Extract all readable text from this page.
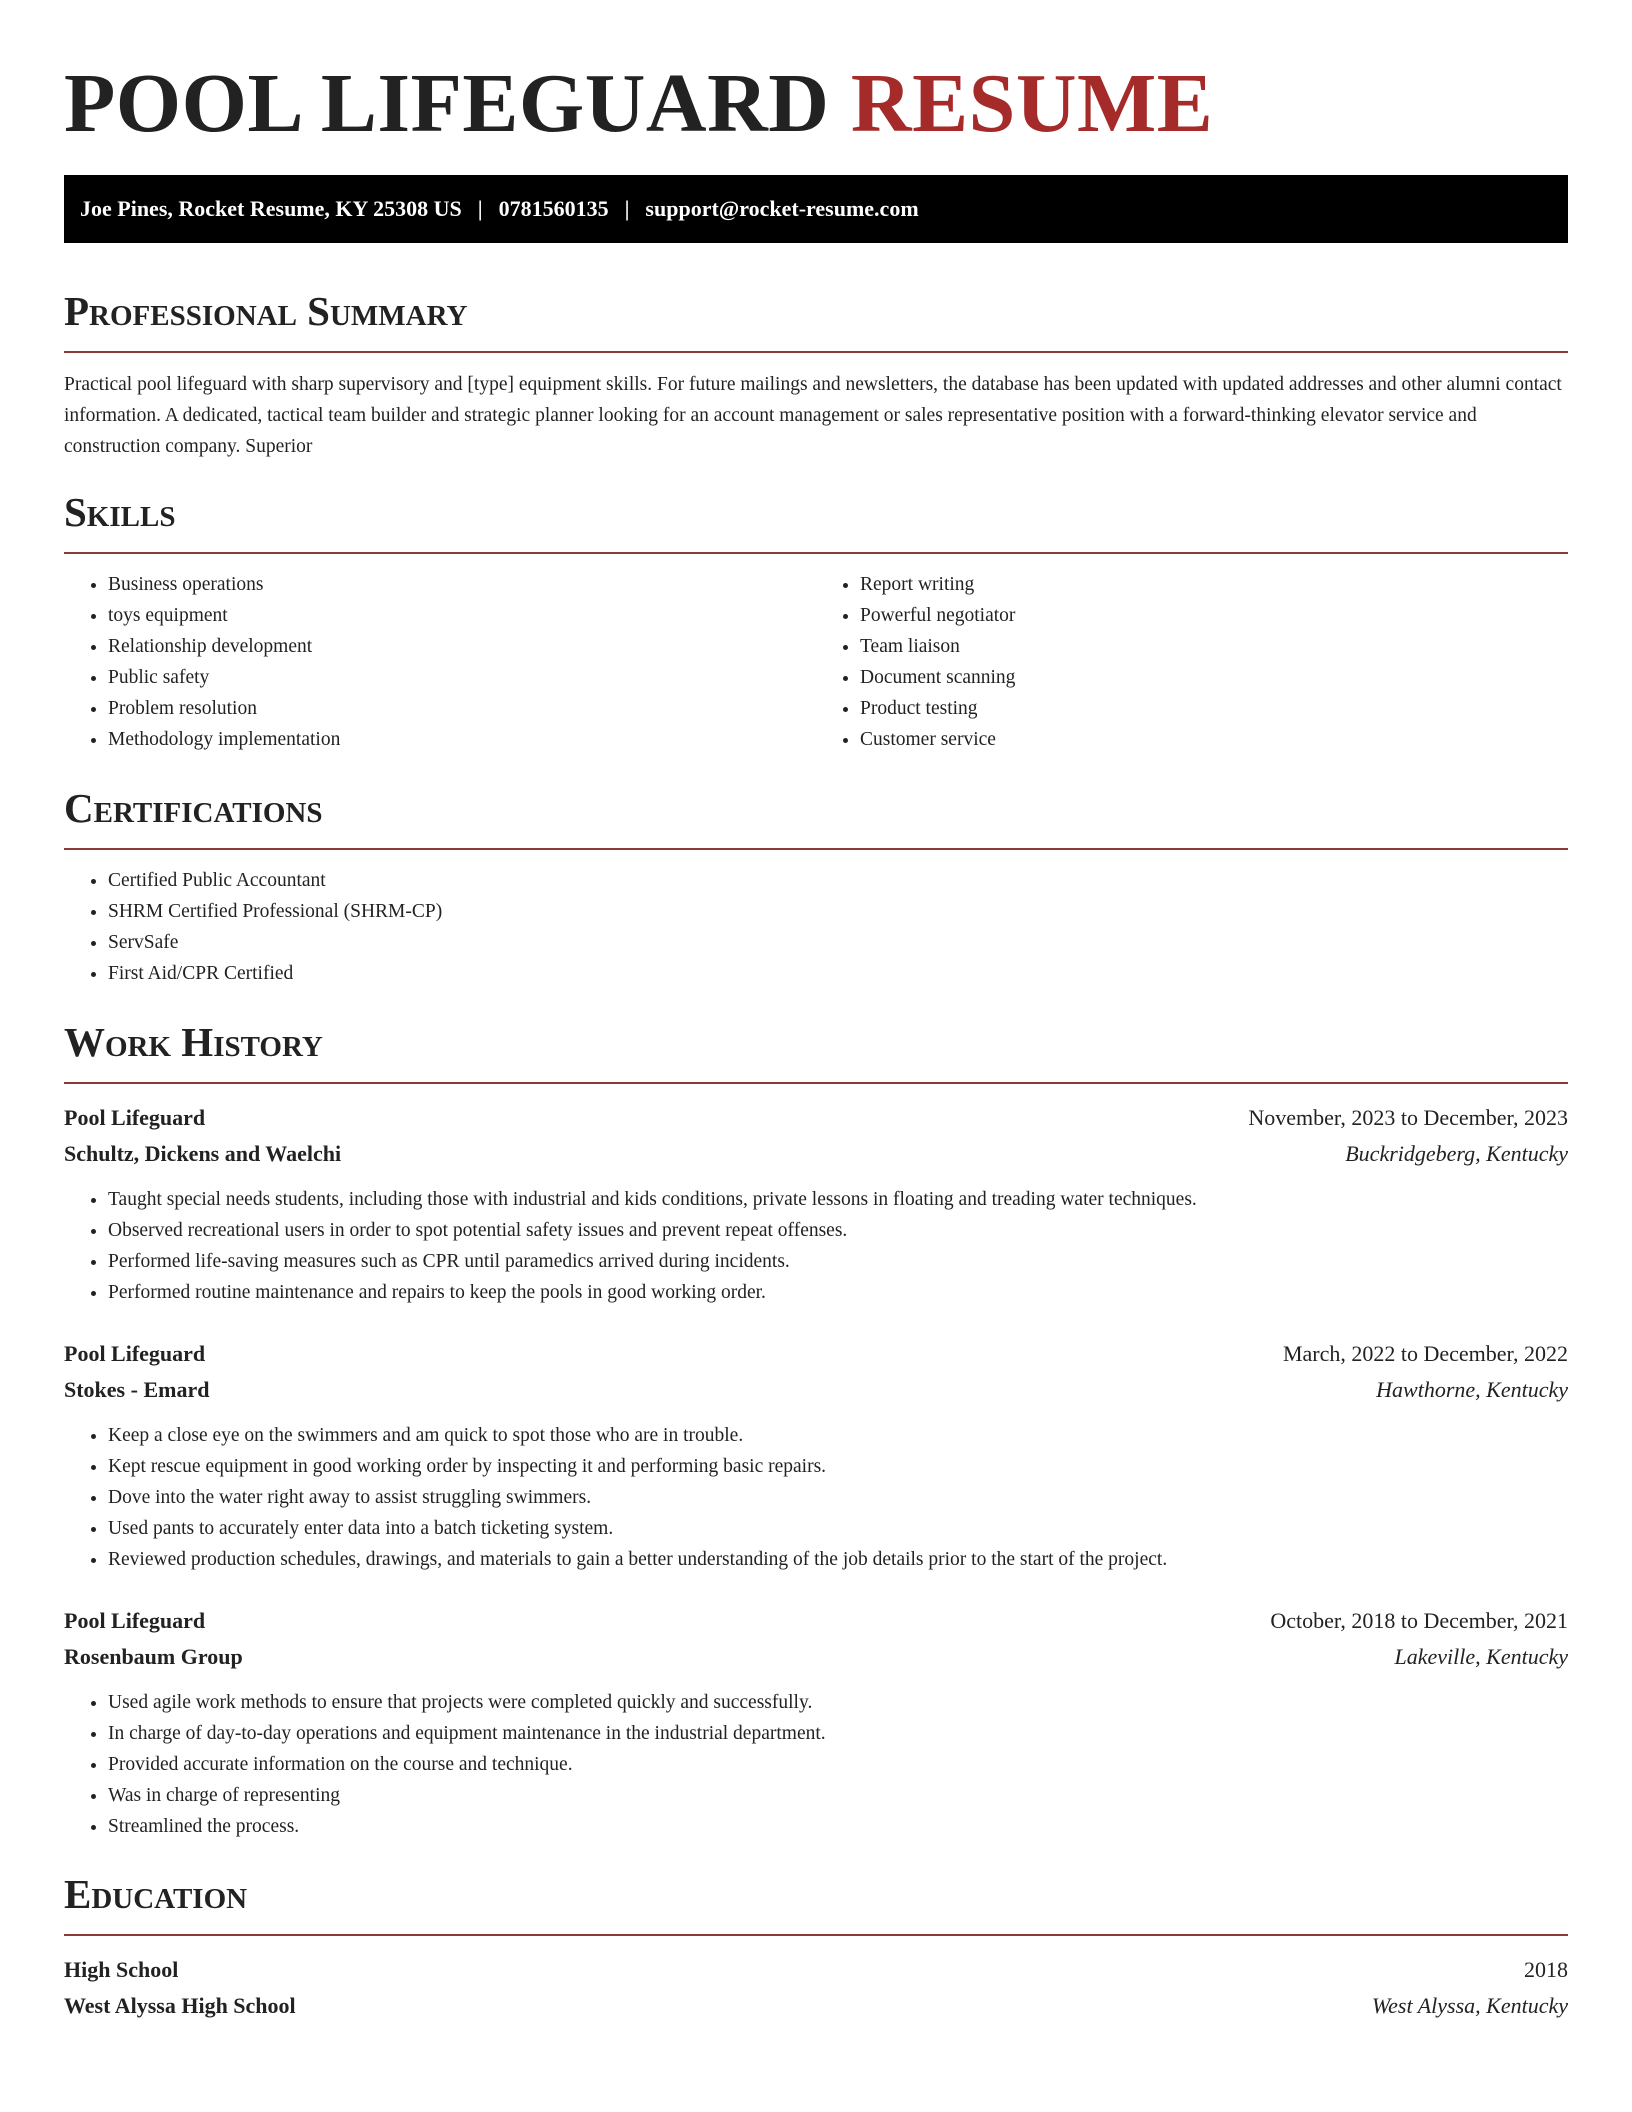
POOL LIFEGUARD RESUME
Joe Pines, Rocket Resume, KY 25308 US | 0781560135 | support@rocket-resume.com
Professional Summary

Practical pool lifeguard with sharp supervisory and [type] equipment skills. For future mailings and newsletters, the database has been updated with updated addresses and other alumni contact information. A dedicated, tactical team builder and strategic planner looking for an account management or sales representative position with a forward-thinking elevator service and construction company. Superior

Skills
• Business operations
• toys equipment
• Relationship development
• Public safety
• Problem resolution
• Methodology implementation
• Report writing
• Powerful negotiator
• Team liaison
• Document scanning
• Product testing
• Customer service
Certifications
• Certified Public Accountant
• SHRM Certified Professional (SHRM-CP)
• ServSafe
• First Aid/CPR Certified
Work History
Pool Lifeguard	November, 2023 to December, 2023
Schultz, Dickens and Waelchi	Buckridgeberg, Kentucky
• Taught special needs students, including those with industrial and kids conditions, private lessons in floating and treading water techniques.
• Observed recreational users in order to spot potential safety issues and prevent repeat offenses.
• Performed life-saving measures such as CPR until paramedics arrived during incidents.
• Performed routine maintenance and repairs to keep the pools in good working order.
Pool Lifeguard	March, 2022 to December, 2022
Stokes - Emard	Hawthorne, Kentucky
• Keep a close eye on the swimmers and am quick to spot those who are in trouble.
• Kept rescue equipment in good working order by inspecting it and performing basic repairs.
• Dove into the water right away to assist struggling swimmers.
• Used pants to accurately enter data into a batch ticketing system.
• Reviewed production schedules, drawings, and materials to gain a better understanding of the job details prior to the start of the project.
Pool Lifeguard	October, 2018 to December, 2021
Rosenbaum Group	Lakeville, Kentucky
• Used agile work methods to ensure that projects were completed quickly and successfully.
• In charge of day-to-day operations and equipment maintenance in the industrial department.
• Provided accurate information on the course and technique.
• Was in charge of representing
• Streamlined the process.
Education
High School	2018
West Alyssa High School	West Alyssa, Kentucky
